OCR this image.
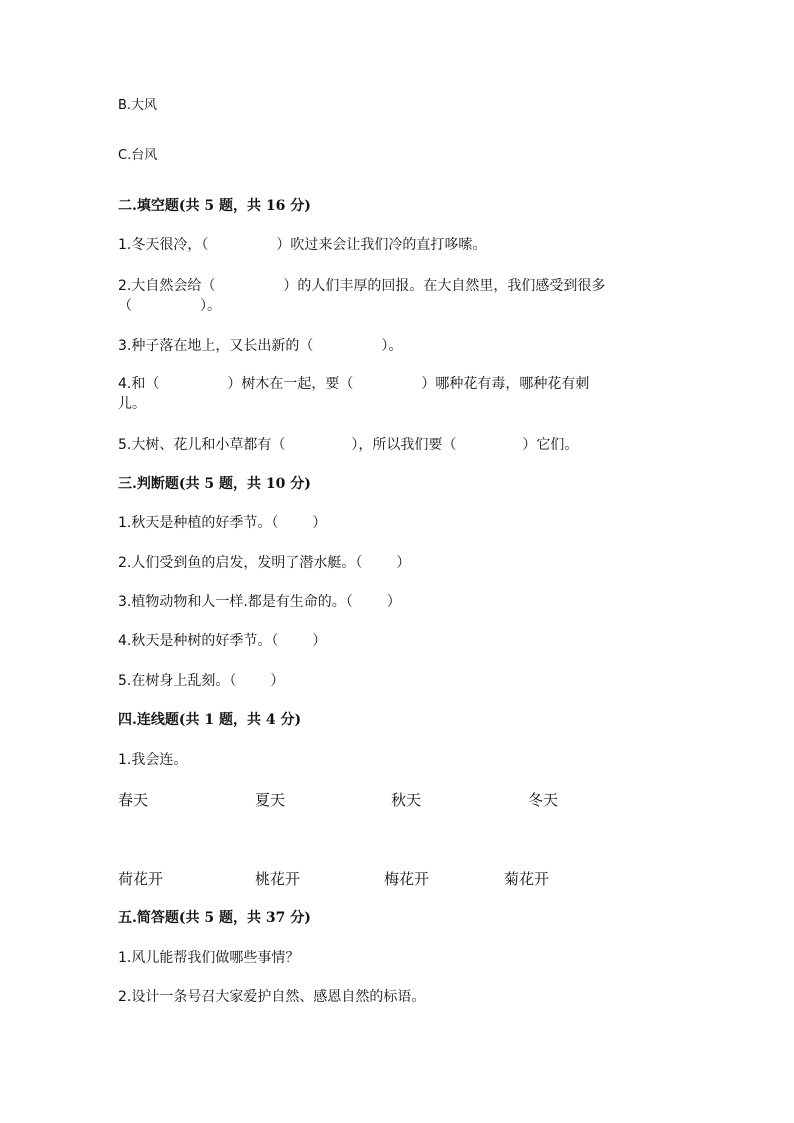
B.大风
C.台风
二.填空题(共 5 题，共 16 分)
1.冬天很冷，（	）吹过来会让我们冷的直打哆嗦。
2.大自然会给（	）的人们丰厚的回报。在大自然里，我们感受到很多
（	）。
3.种子落在地上，又长出新的（	）。
4.和（	）树木在一起，要（	）哪种花有毒，哪种花有刺
儿。
5.大树、花儿和小草都有（	），所以我们要（	）它们。
三.判断题(共 5 题，共 10 分)
1.秋天是种植的好季节。（ ）
2.人们受到鱼的启发，发明了潜水艇。（ ）
3.植物动物和人一样.都是有生命的。（ ）
4.秋天是种树的好季节。（ ）
5.在树身上乱刻。（ ）
四.连线题(共 1 题，共 4 分)
1.我会连。
春天	夏天	秋天	冬天
荷花开	桃花开	梅花开	菊花开
五.简答题(共 5 题，共 37 分)
1.风儿能帮我们做哪些事情？
2.设计一条号召大家爱护自然、感恩自然的标语。
